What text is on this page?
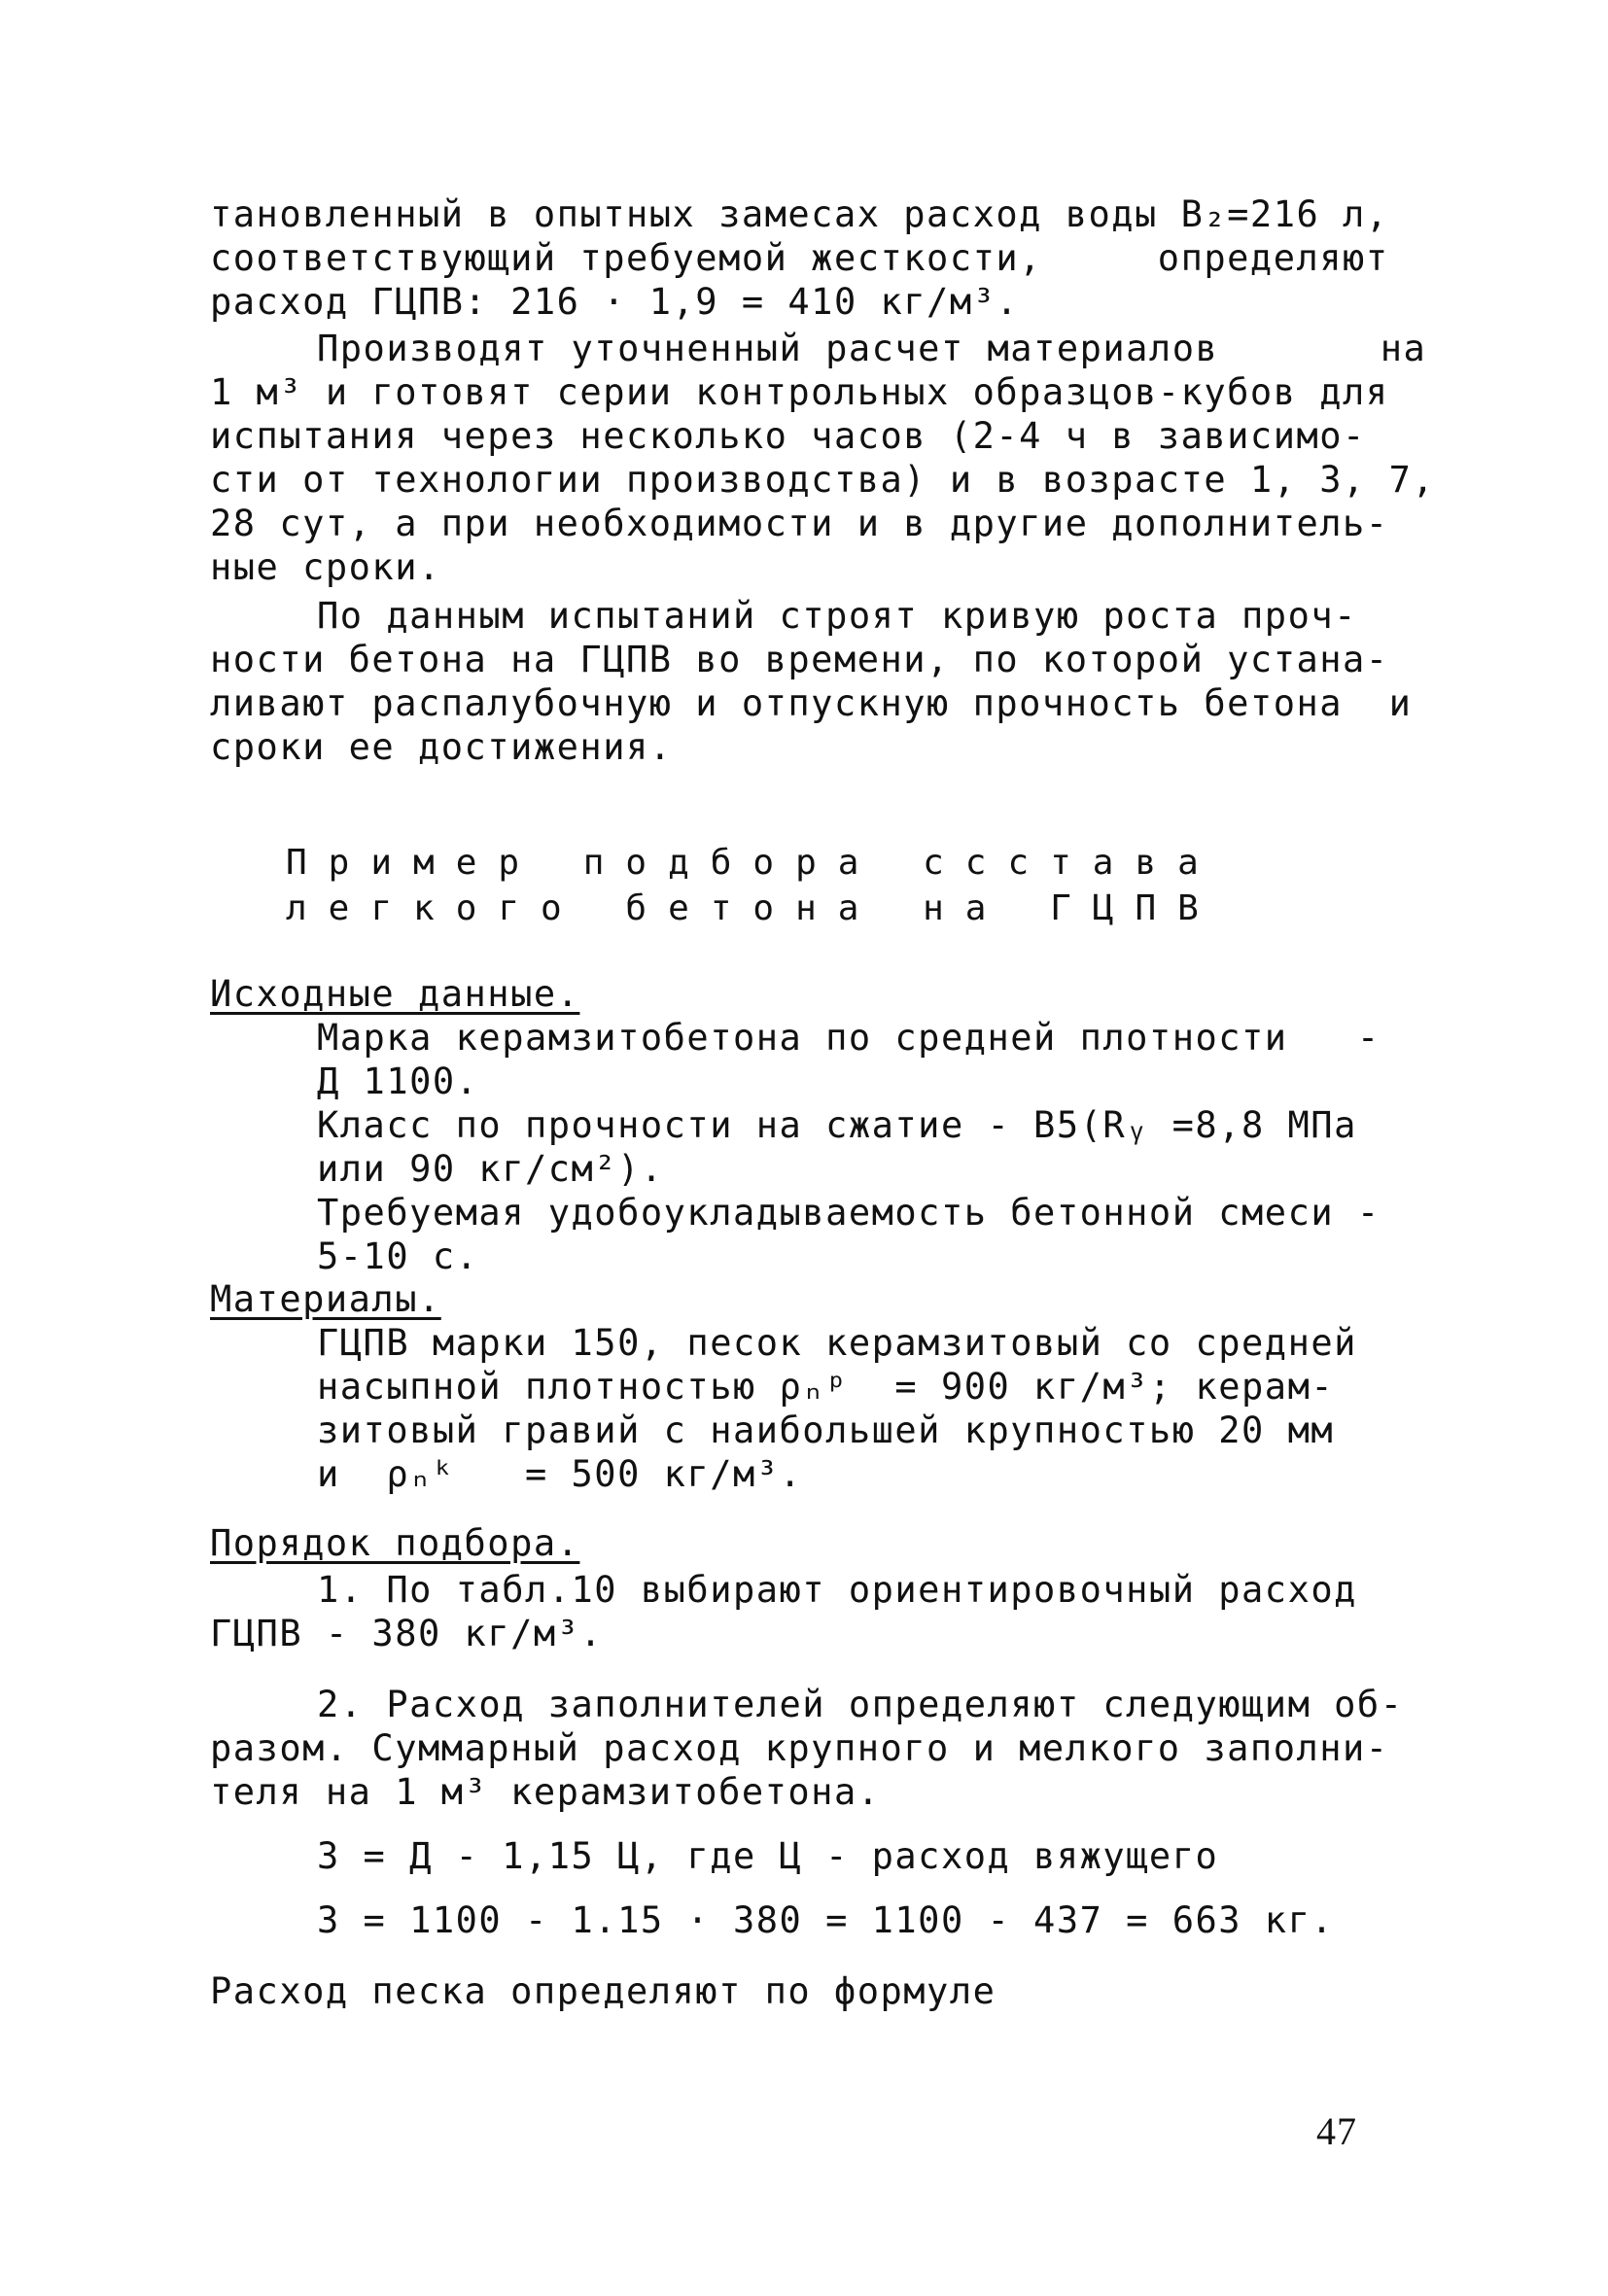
тановленный в опытных замесах расход воды В₂=216 л,
соответствующий требуемой жесткости,     определяют
расход ГЦПВ: 216 · 1,9 = 410 кг/м³.
Производят уточненный расчет материалов       на
1 м³ и готовят серии контрольных образцов-кубов для
испытания через несколько часов (2-4 ч в зависимо-
сти от технологии производства) и в возрасте 1, 3, 7,
28 сут, а при необходимости и в другие дополнитель-
ные сроки.
По данным испытаний строят кривую роста проч-
ности бетона на ГЦПВ во времени, по которой устана-
ливают распалубочную и отпускную прочность бетона  и
сроки ее достижения.
Пример подбора ссстава
легкого бетона на ГЦПВ
Исходные данные.
Марка керамзитобетона по средней плотности   -
Д 1100.
Класс по прочности на сжатие - В5(Rᵧ =8,8 МПа
или 90 кг/см²).
Требуемая удобоукладываемость бетонной смеси -
5-10 с.
Материалы.
ГЦПВ марки 150, песок керамзитовый со средней
насыпной плотностью ρₙᵖ  = 900 кг/м³; керам-
зитовый гравий с наибольшей крупностью 20 мм
и  ρₙᵏ   = 500 кг/м³.
Порядок подбора.
1. По табл.10 выбирают ориентировочный расход
ГЦПВ - 380 кг/м³.
2. Расход заполнителей определяют следующим об-
разом. Суммарный расход крупного и мелкого заполни-
теля на 1 м³ керамзитобетона.
З = Д - 1,15 Ц, где Ц - расход вяжущего
З = 1100 - 1.15 · 380 = 1100 - 437 = 663 кг.
Расход песка определяют по формуле
47
